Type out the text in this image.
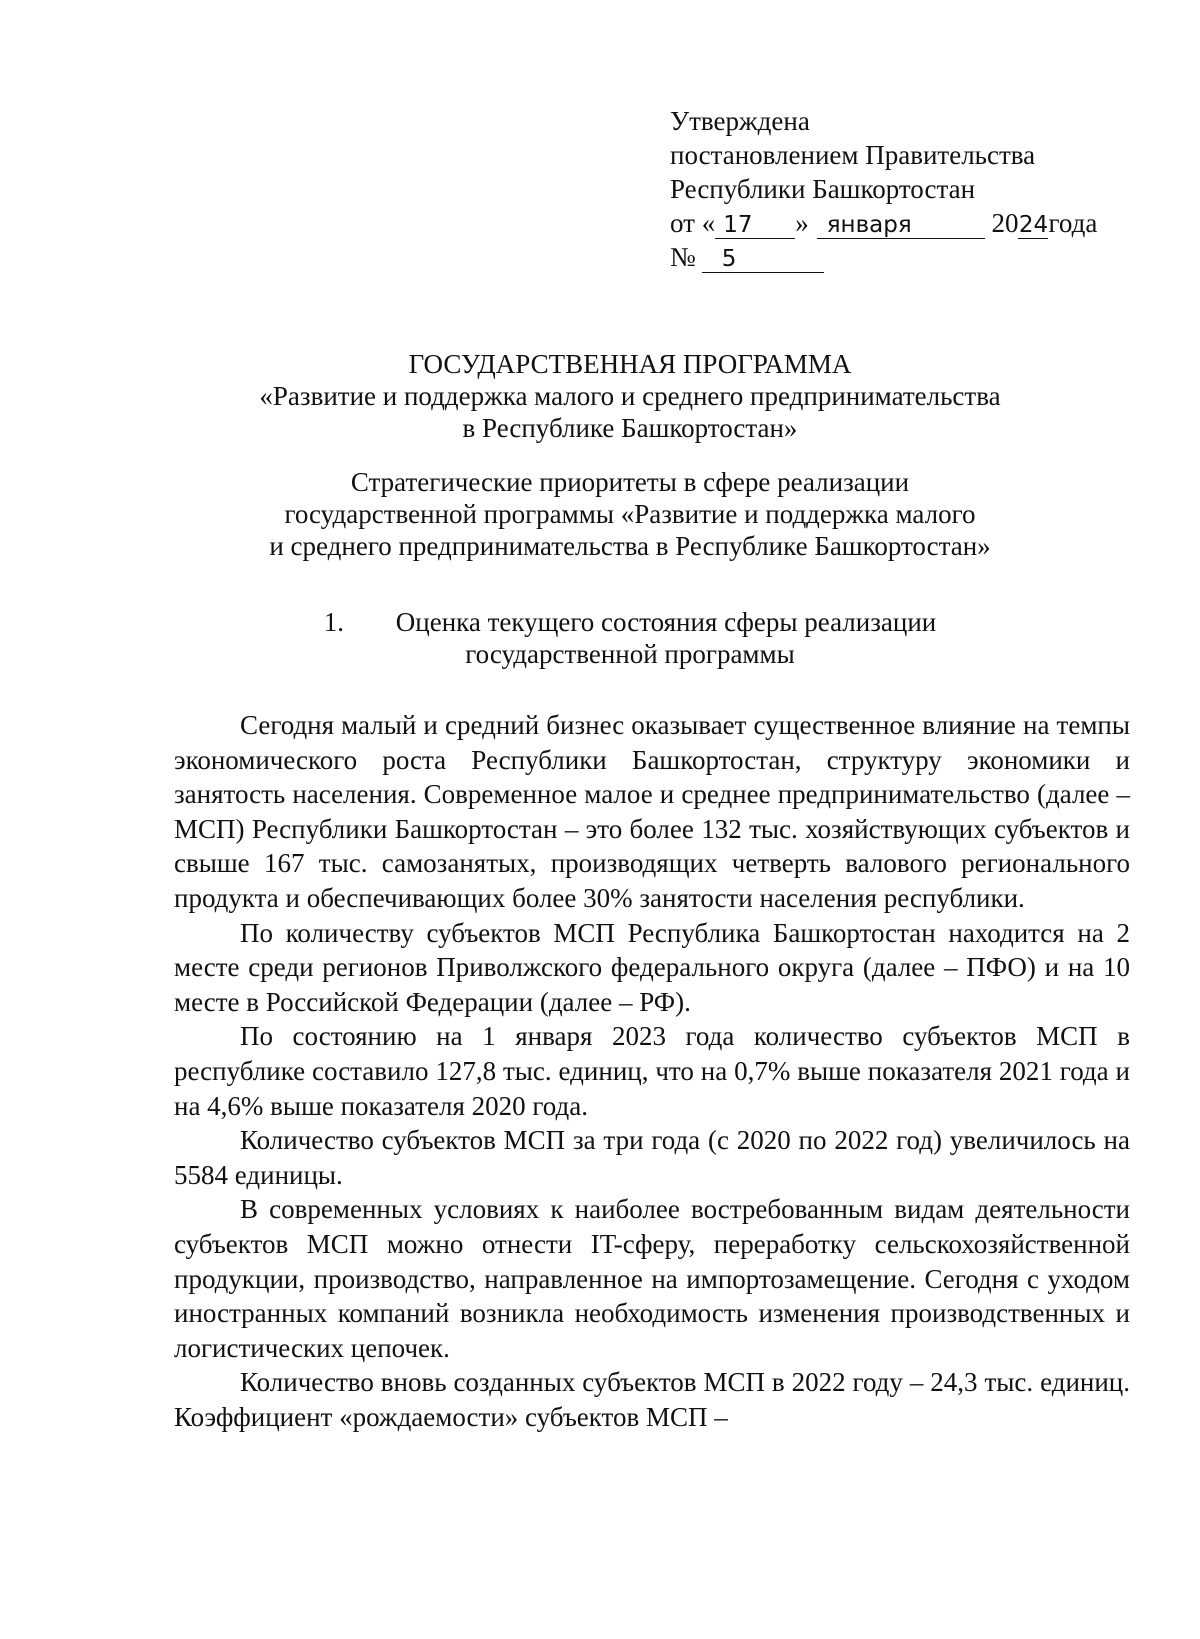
Утверждена
постановлением Правительства
Республики Башкортостан
от « 17 » января	2024года
№ 5
ГОСУДАРСТВЕННАЯ ПРОГРАММА
«Развитие и поддержка малого и среднего предпринимательства
в Республике Башкортостан»
Стратегические приоритеты в сфере реализации
государственной программы «Развитие и поддержка малого
и среднего предпринимательства в Республике Башкортостан»
1. Оценка текущего состояния сферы реализации
государственной программы

Сегодня малый и средний бизнес оказывает существенное влияние на темпы экономического роста Республики Башкортостан, структуру экономики и занятость населения. Современное малое и среднее предпринимательство (далее – МСП) Республики Башкортостан – это более 132 тыс. хозяйствующих субъектов и свыше 167 тыс. самозанятых, производящих четверть валового регионального продукта и обеспечивающих более 30% занятости населения республики.

По количеству субъектов МСП Республика Башкортостан находится на 2 месте среди регионов Приволжского федерального округа (далее – ПФО) и на 10 месте в Российской Федерации (далее – РФ).

По состоянию на 1 января 2023 года количество субъектов МСП в республике составило 127,8 тыс. единиц, что на 0,7% выше показателя 2021 года и на 4,6% выше показателя 2020 года.

Количество субъектов МСП за три года (с 2020 по 2022 год) увеличилось на 5584 единицы.

В современных условиях к наиболее востребованным видам деятельности субъектов МСП можно отнести IT-сферу, переработку сельскохозяйственной продукции, производство, направленное на импортозамещение. Сегодня с уходом иностранных компаний возникла необходимость изменения производственных и логистических цепочек.

Количество вновь созданных субъектов МСП в 2022 году – 24,3 тыс. единиц. Коэффициент «рождаемости» субъектов МСП –
